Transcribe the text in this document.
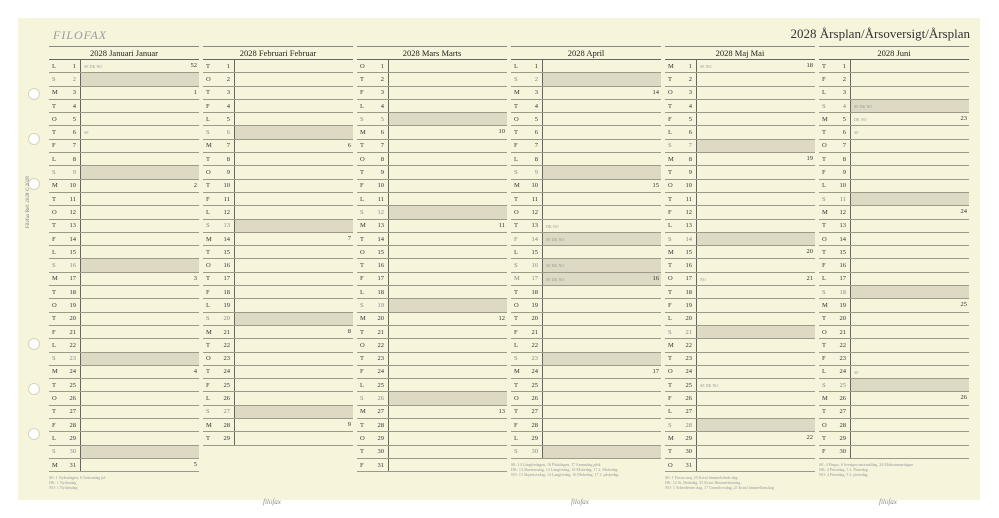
FILOFAX	2028 Årsplan/Årsoversigt/Årsplan
Filofax Ref. 2028 © 2028
2028 Januari Januar
L	1	SE DK NO	52
S	2
M	3	1
T	4
O	5
T	6	SE
F	7
L	8
S	9
M	10	2
T	11
O	12
T	13
F	14
L	15
S	16
M	17	3
T	18
O	19
T	20
F	21
L	22
S	23
M	24	4
T	25
O	26
T	27
F	28
L	29
S	30
M	31	5
SE: 1 Nyårsdagen, 6 Trettondag jul
DK: 1 Nytårsdag
NO: 1 Nyttårsdag
2028 Februari Februar
T	1
O	2
T	3
F	4
L	5
S	6
M	7	6
T	8
O	9
T	10
F	11
L	12
S	13
M	14	7
T	15
O	16
T	17
F	18
L	19
S	20
M	21	8
T	22
O	23
T	24
F	25
L	26
S	27
M	28	9
T	29
filofax
2028 Mars Marts
O	1
T	2
F	3
L	4
S	5
M	6	10
T	7
O	8
T	9
F	10
L	11
S	12
M	13	11
T	14
O	15
T	16
F	17
L	18
S	19
M	20	12
T	21
O	22
T	23
F	24
L	25
S	26
M	27	13
T	28
O	29
T	30
F	31
2028 April
L	1
S	2
M	3	14
T	4
O	5
T	6
F	7
L	8
S	9
M	10	15
T	11
O	12
T	13	DK NO
F	14	SE DK NO
L	15
S	16	SE DK NO
M	17	SE DK NO	16
T	18
O	19
T	20
F	21
L	22
S	23
M	24	17
T	25
O	26
T	27
F	28
L	29
S	30
SE: 14 Långfredagen, 16 Påskdagen, 17 Annandag påsk
DK: 13 Skærtorsdag, 14 Langfredag, 16 Påskedag, 17 2. Påskedag
NO: 13 Skjærtorsdag, 14 Langfredag, 16 Påskedag, 17 2. påskedag
filofax
2028 Maj Mai
M	1	SE NO	18
T	2
O	3
T	4
F	5
L	6
S	7
M	8	19
T	9
O	10
T	11
F	12
L	13
S	14
M	15	20
T	16
O	17	NO	21
T	18
F	19
L	20
S	21
M	22
T	23
O	24
T	25	SE DK NO
F	26
L	27
S	28
M	29	22
T	30
O	31
SE: 1 Första maj, 25 Kristi himmelsfärds dag
DK: 12 St. Bededag, 25 Kristi Himmelfartsdag
NO: 1 Arbeidernes dag, 17 Grunnlovsdag, 25 Kristi himmelfartsdag
2028 Juni
T	1
F	2
L	3
S	4	SE DK NO
M	5	DK NO	23
T	6	SE
O	7
T	8
F	9
L	10
S	11
M	12	24
T	13
O	14
T	15
F	16
L	17
S	18
M	19	25
T	20
O	21
T	22
F	23
L	24	SE
S	25
M	26	26
T	27
O	28
T	29
F	30
SE: 4 Pingst, 6 Sveriges nationaldag, 24 Midsommardagen
DK: 4 Pinsedag, 5 2. Pinsedag
NO: 4 Pinsedag, 5 2. pinsedag
filofax
